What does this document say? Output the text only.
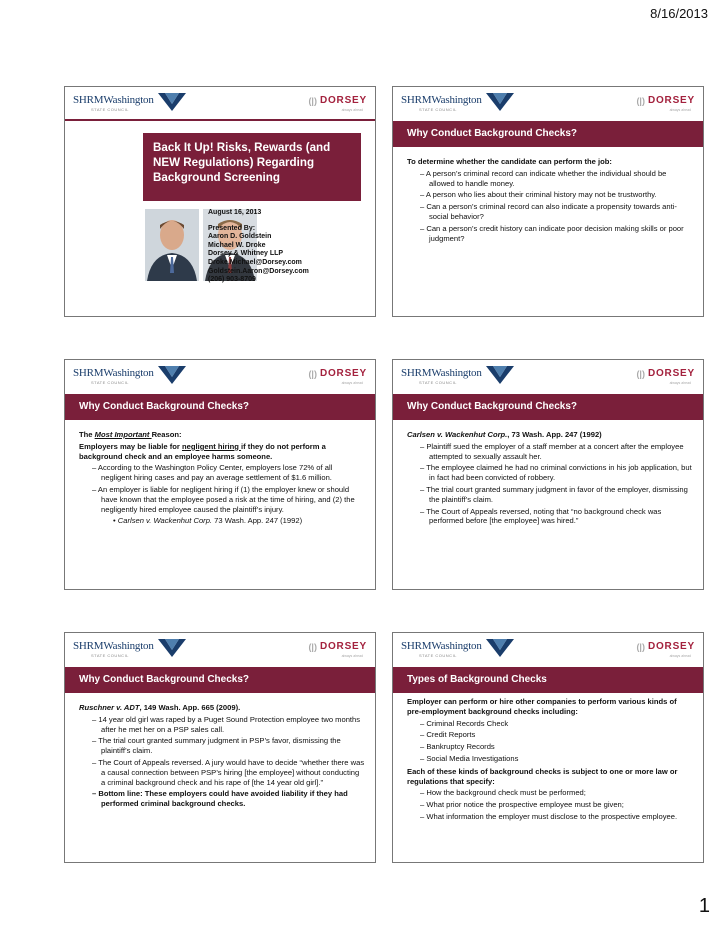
8/16/2013
SHRMWashington
STATE COUNCIL
(|) DORSEY
always ahead
Back It Up! Risks, Rewards (and NEW Regulations) Regarding Background Screening
August 16, 2013
Presented By:
Aaron D. Goldstein
Michael W. Droke
Dorsey & Whitney LLP
Droke.Michael@Dorsey.com
Goldstein.Aaron@Dorsey.com
(206) 903-8709
SHRMWashington
STATE COUNCIL
(|) DORSEY
always ahead
Why Conduct Background Checks?

To determine whether the candidate can perform the job:

– A person’s criminal record can indicate whether the individual should be allowed to handle money.

– A person who lies about their criminal history may not be trustworthy.

– Can a person’s criminal record can also indicate a propensity towards anti-social behavior?

– Can a person’s credit history can indicate poor decision making skills or poor judgment?

SHRMWashington
STATE COUNCIL
(|) DORSEY
always ahead
Why Conduct Background Checks?

The Most Important Reason:

Employers may be liable for negligent hiring if they do not perform a background check and an employee harms someone.

– According to the Washington Policy Center, employers lose 72% of all negligent hiring cases and pay an average settlement of $1.6 million.

– An employer is liable for negligent hiring if (1) the employer knew or should have known that the employee posed a risk at the time of hiring, and (2) the negligently hired employee caused the plaintiff’s injury.

• Carlsen v. Wackenhut Corp. 73 Wash. App. 247 (1992)

SHRMWashington
STATE COUNCIL
(|) DORSEY
always ahead
Why Conduct Background Checks?

Carlsen v. Wackenhut Corp., 73 Wash. App. 247 (1992)

– Plaintiff sued the employer of a staff member at a concert after the employee attempted to sexually assault her.

– The employee claimed he had no criminal convictions in his job application, but in fact had been convicted of robbery.

– The trial court granted summary judgment in favor of the employer, dismissing the plaintiff’s claim.

– The Court of Appeals reversed, noting that “no background check was performed before [the employee] was hired.”

SHRMWashington
STATE COUNCIL
(|) DORSEY
always ahead
Why Conduct Background Checks?

Ruschner v. ADT, 149 Wash. App. 665 (2009).

– 14 year old girl was raped by a Puget Sound Protection employee two months after he met her on a PSP sales call.

– The trial court granted summary judgment in PSP’s favor, dismissing the plaintiff’s claim.

– The Court of Appeals reversed. A jury would have to decide “whether there was a causal connection between PSP’s hiring [the employee] without conducting a criminal background check and his rape of [the 14 year old girl].”

– Bottom line: These employers could have avoided liability if they had performed criminal background checks.

SHRMWashington
STATE COUNCIL
(|) DORSEY
always ahead
Types of Background Checks

Employer can perform or hire other companies to perform various kinds of pre-employment background checks including:

– Criminal Records Check

– Credit Reports

– Bankruptcy Records

– Social Media Investigations

Each of these kinds of background checks is subject to one or more law or regulations that specify:

– How the background check must be performed;

– What prior notice the prospective employee must be given;

– What information the employer must disclose to the prospective employee.

1
